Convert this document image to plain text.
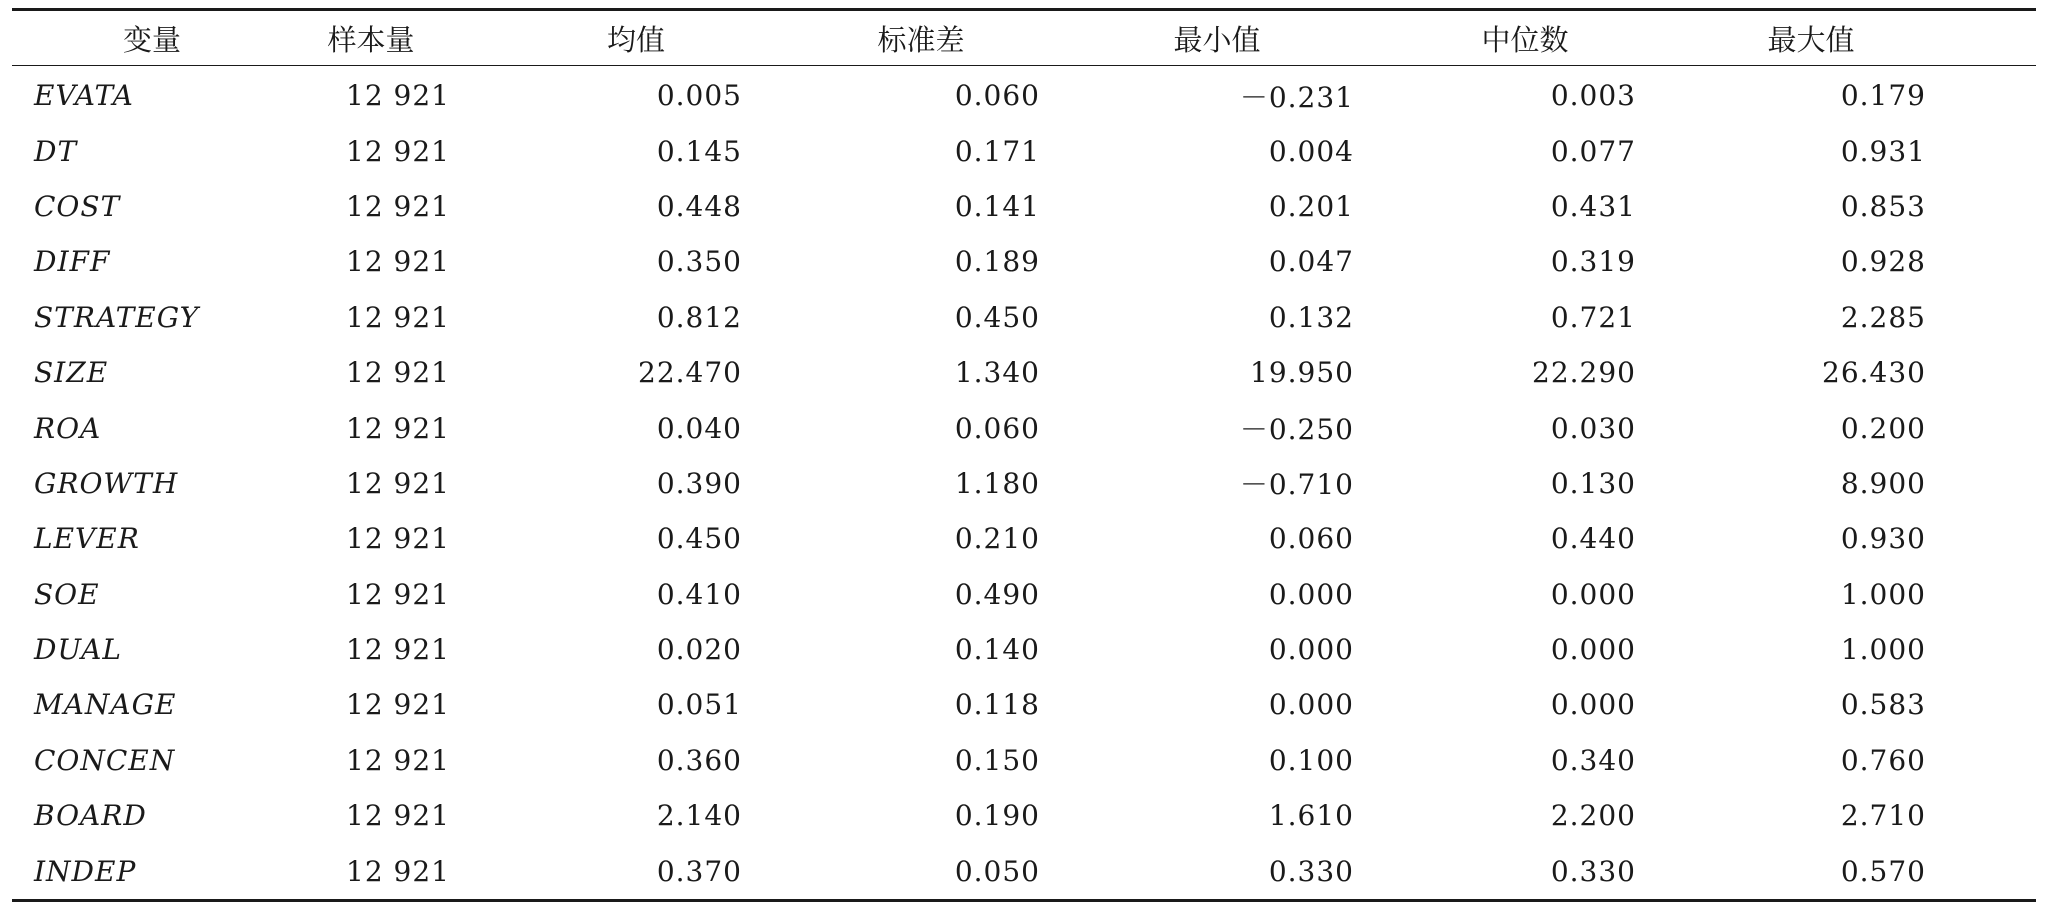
变量	样本量	均值	标准差	最小值	中位数	最大值	
EVATA	12 921	0.005	0.060	－0.231	0.003	0.179	
DT	12 921	0.145	0.171	0.004	0.077	0.931	
COST	12 921	0.448	0.141	0.201	0.431	0.853	
DIFF	12 921	0.350	0.189	0.047	0.319	0.928	
STRATEGY	12 921	0.812	0.450	0.132	0.721	2.285	
SIZE	12 921	22.470	1.340	19.950	22.290	26.430	
ROA	12 921	0.040	0.060	－0.250	0.030	0.200	
GROWTH	12 921	0.390	1.180	－0.710	0.130	8.900	
LEVER	12 921	0.450	0.210	0.060	0.440	0.930	
SOE	12 921	0.410	0.490	0.000	0.000	1.000	
DUAL	12 921	0.020	0.140	0.000	0.000	1.000	
MANAGE	12 921	0.051	0.118	0.000	0.000	0.583	
CONCEN	12 921	0.360	0.150	0.100	0.340	0.760	
BOARD	12 921	2.140	0.190	1.610	2.200	2.710	
INDEP	12 921	0.370	0.050	0.330	0.330	0.570	
